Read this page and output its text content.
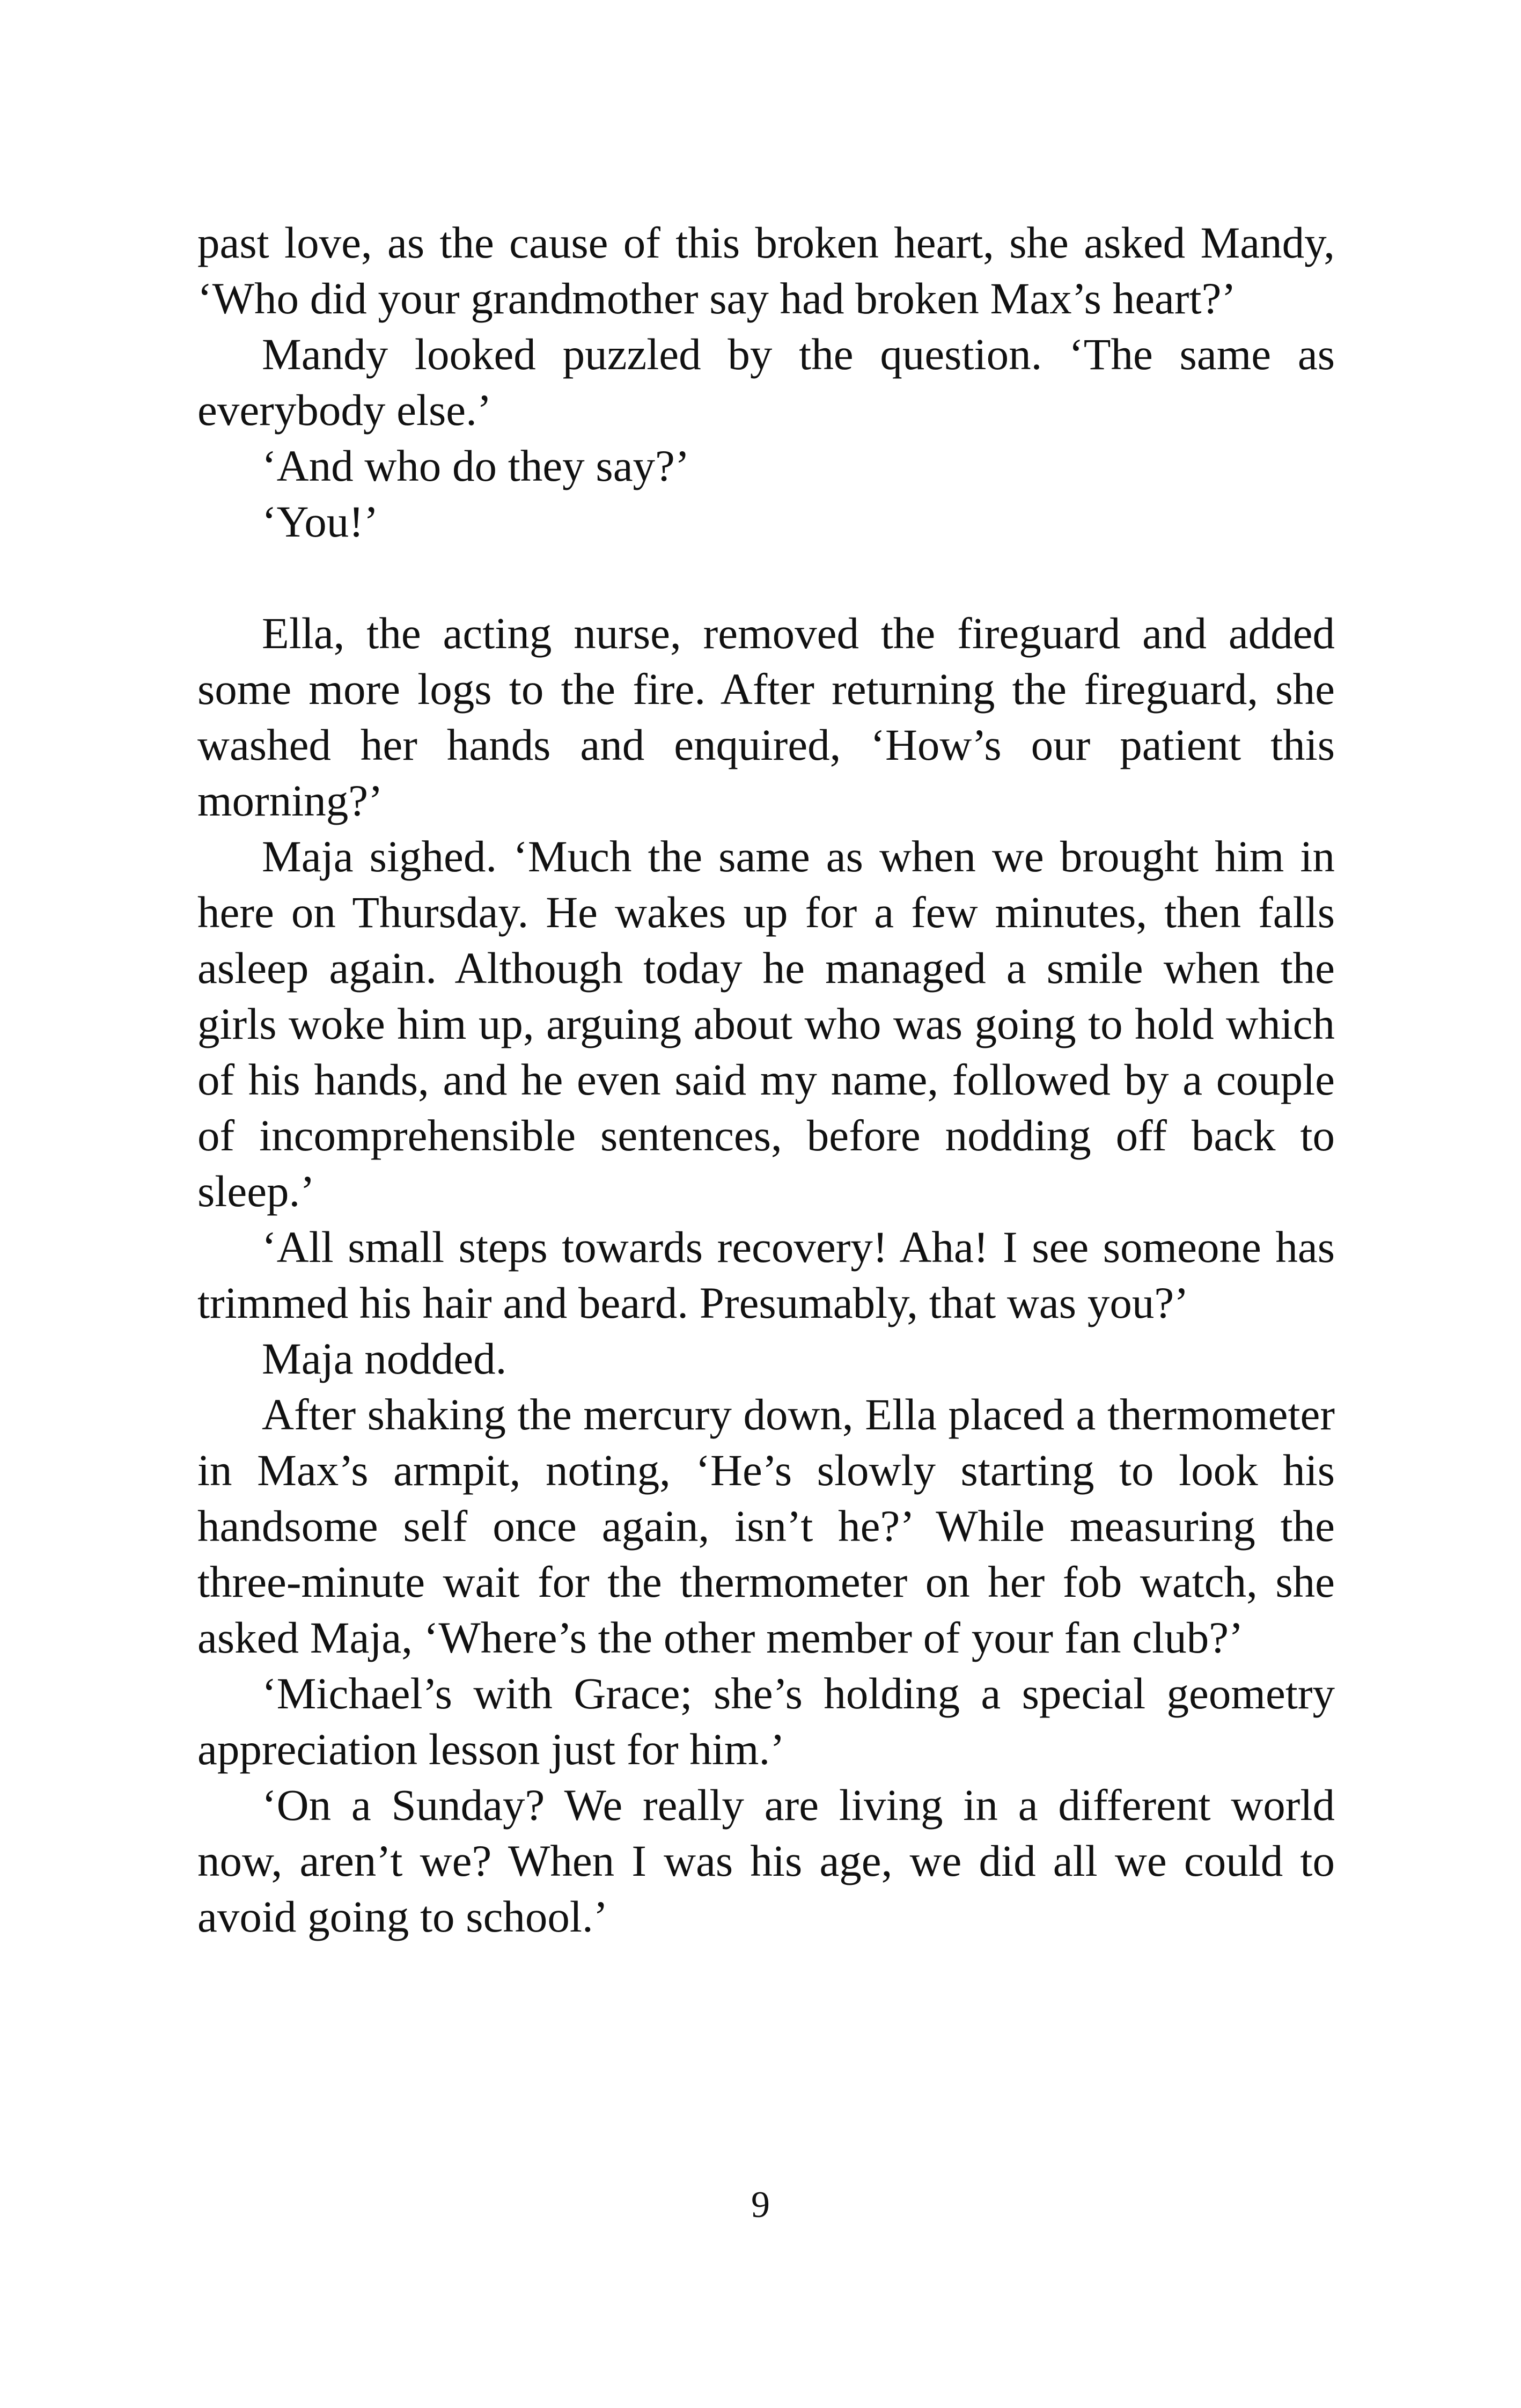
past love, as the cause of this broken heart, she asked Mandy, ‘Who did your grandmother say had broken Max’s heart?’

Mandy looked puzzled by the question. ‘The same as everybody else.’

‘And who do they say?’

‘You!’

Ella, the acting nurse, removed the fireguard and added some more logs to the fire. After returning the fireguard, she washed her hands and enquired, ‘How’s our patient this morning?’

Maja sighed. ‘Much the same as when we brought him in here on Thursday. He wakes up for a few minutes, then falls asleep again. Although today he managed a smile when the girls woke him up, arguing about who was going to hold which of his hands, and he even said my name, followed by a couple of incomprehensible sentences, before nodding off back to sleep.’

‘All small steps towards recovery! Aha! I see someone has trimmed his hair and beard. Presumably, that was you?’

Maja nodded.

After shaking the mercury down, Ella placed a thermometer in Max’s armpit, noting, ‘He’s slowly starting to look his handsome self once again, isn’t he?’ While measuring the three-minute wait for the thermometer on her fob watch, she asked Maja, ‘Where’s the other member of your fan club?’

‘Michael’s with Grace; she’s holding a special geometry appreciation lesson just for him.’

‘On a Sunday? We really are living in a different world now, aren’t we? When I was his age, we did all we could to avoid going to school.’

9
